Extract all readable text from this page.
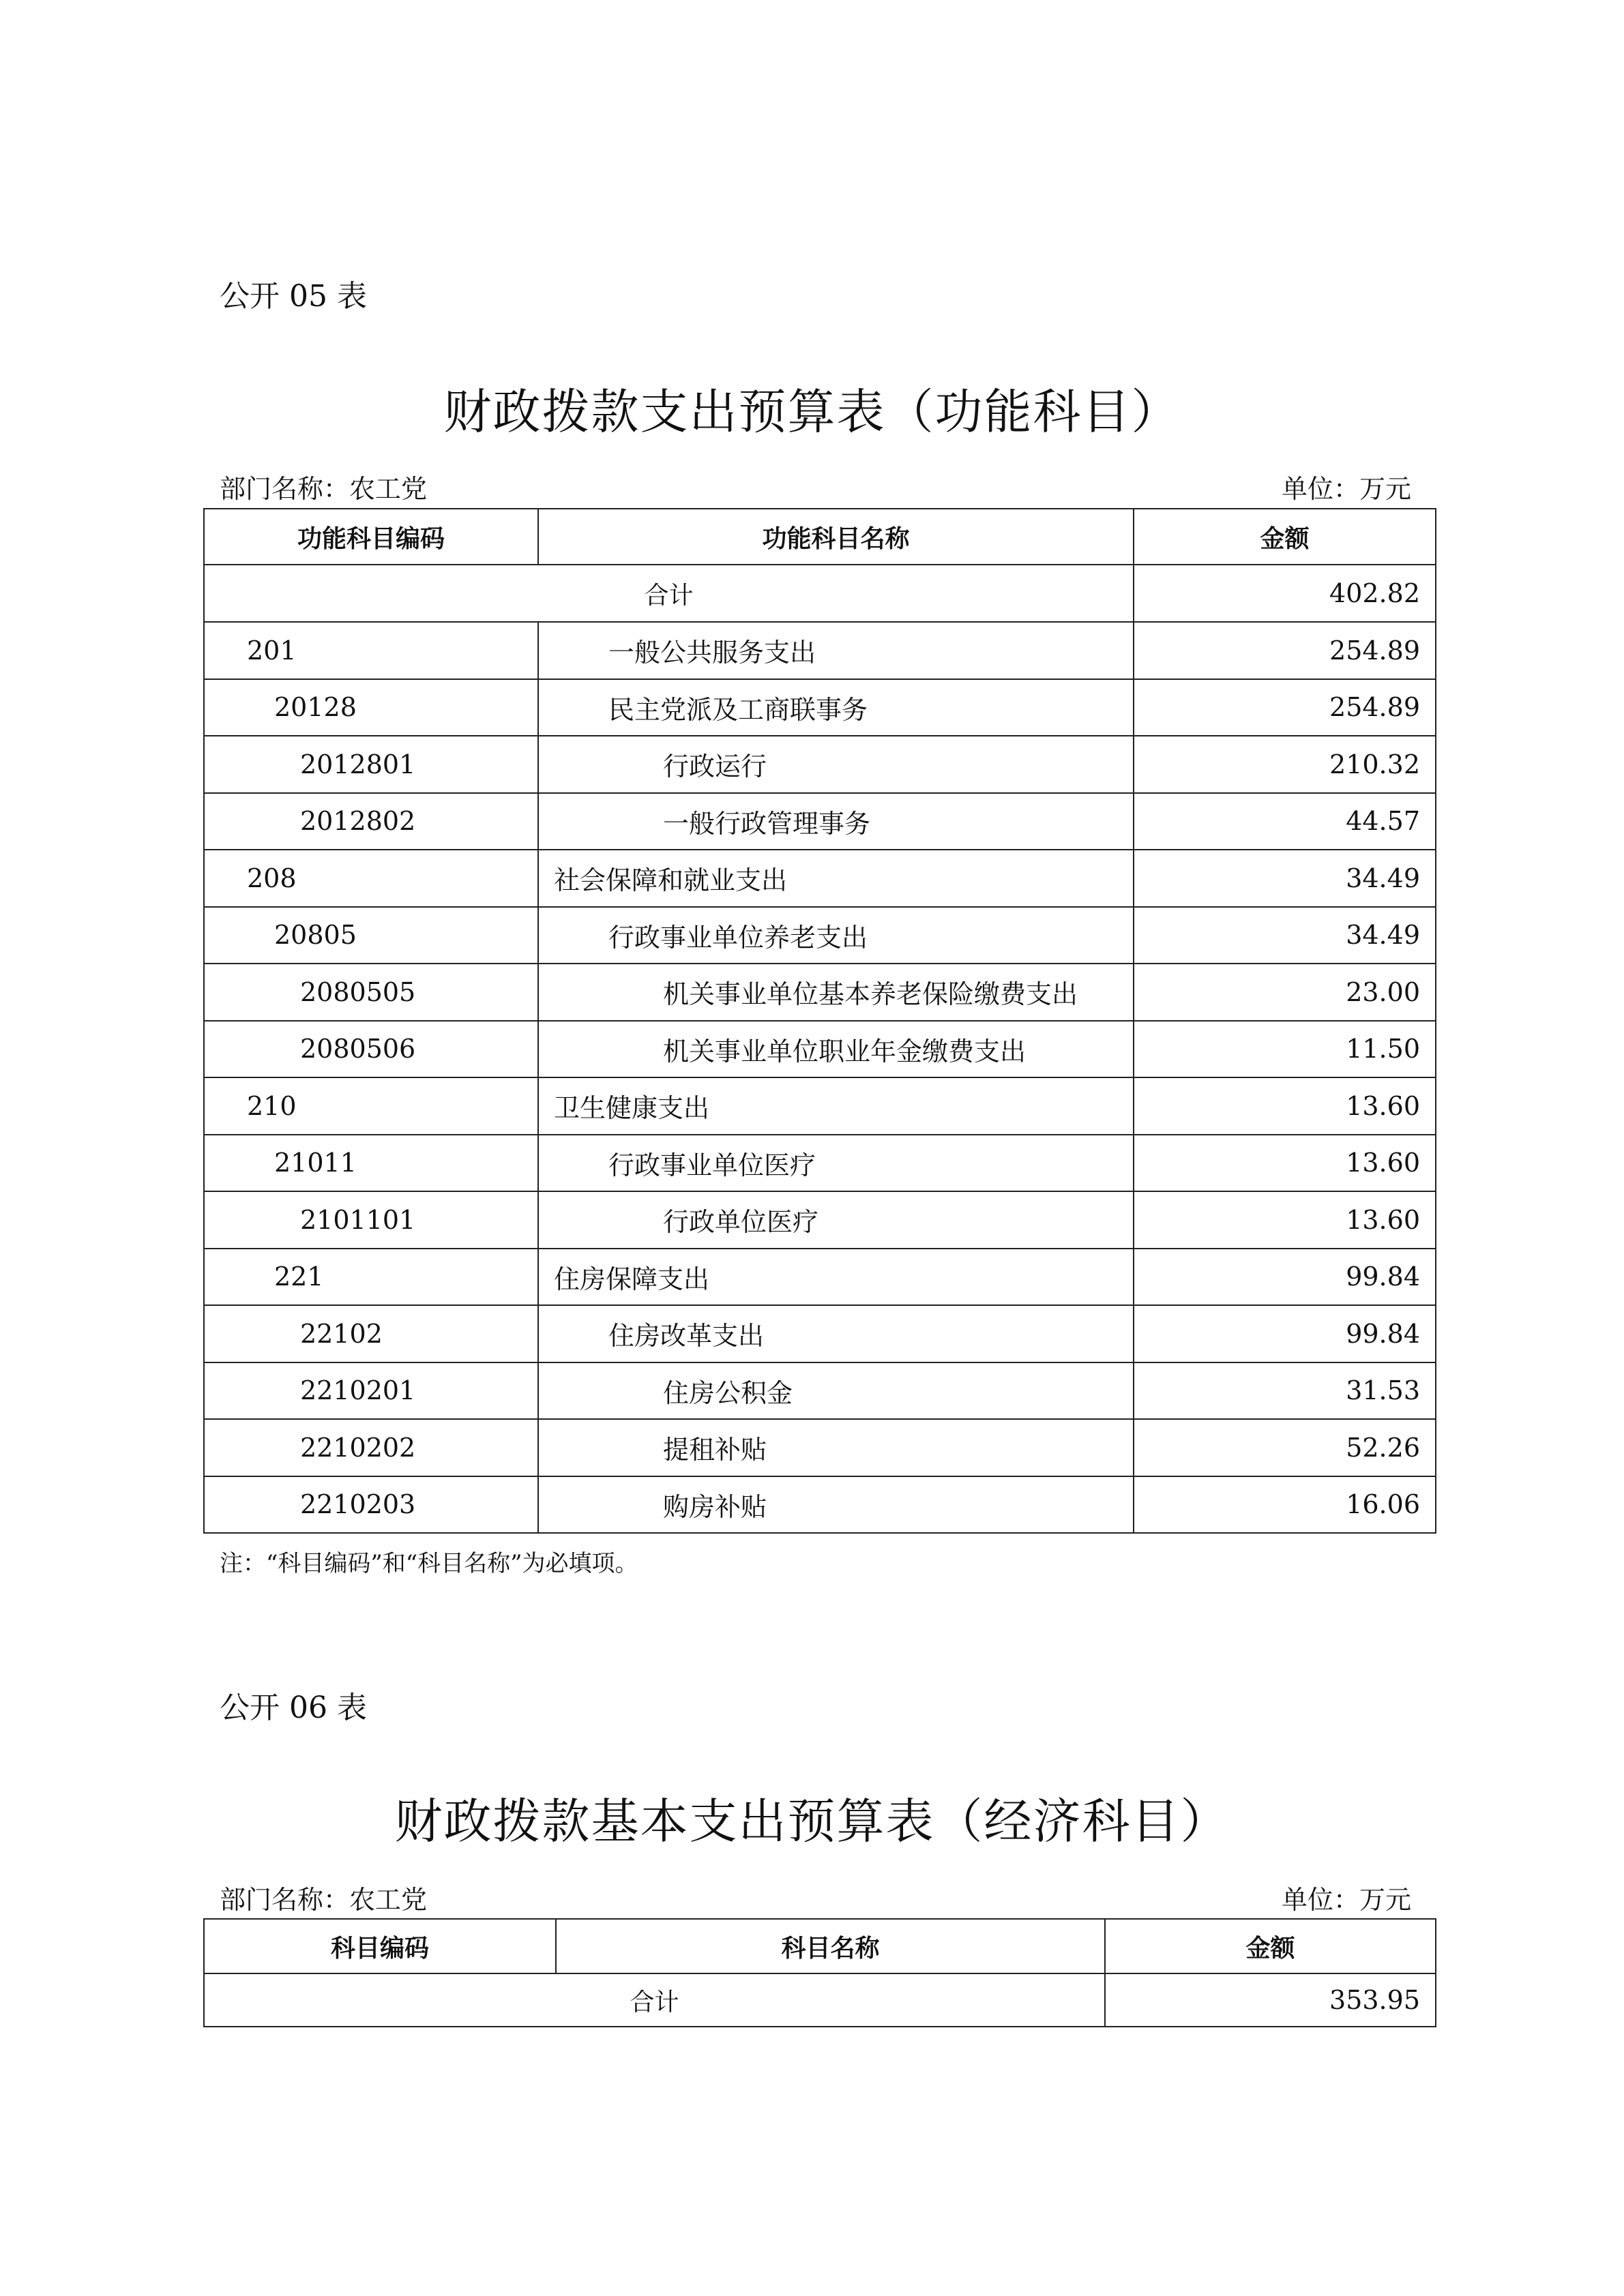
公开 05 表
财政拨款支出预算表（功能科目）
部门名称：农工党	单位：万元
功能科目编码	功能科目名称	金额
合计		402.82
201	一般公共服务支出	254.89
20128	民主党派及工商联事务	254.89
2012801	行政运行	210.32
2012802	一般行政管理事务	44.57
208	社会保障和就业支出	34.49
20805	行政事业单位养老支出	34.49
2080505	机关事业单位基本养老保险缴费支出	23.00
2080506	机关事业单位职业年金缴费支出	11.50
210	卫生健康支出	13.60
21011	行政事业单位医疗	13.60
2101101	行政单位医疗	13.60
221	住房保障支出	99.84
22102	住房改革支出	99.84
2210201	住房公积金	31.53
2210202	提租补贴	52.26
2210203	购房补贴	16.06
注：“科目编码”和“科目名称”为必填项。
公开 06 表
财政拨款基本支出预算表（经济科目）
部门名称：农工党	单位：万元
科目编码	科目名称	金额
合计		353.95
